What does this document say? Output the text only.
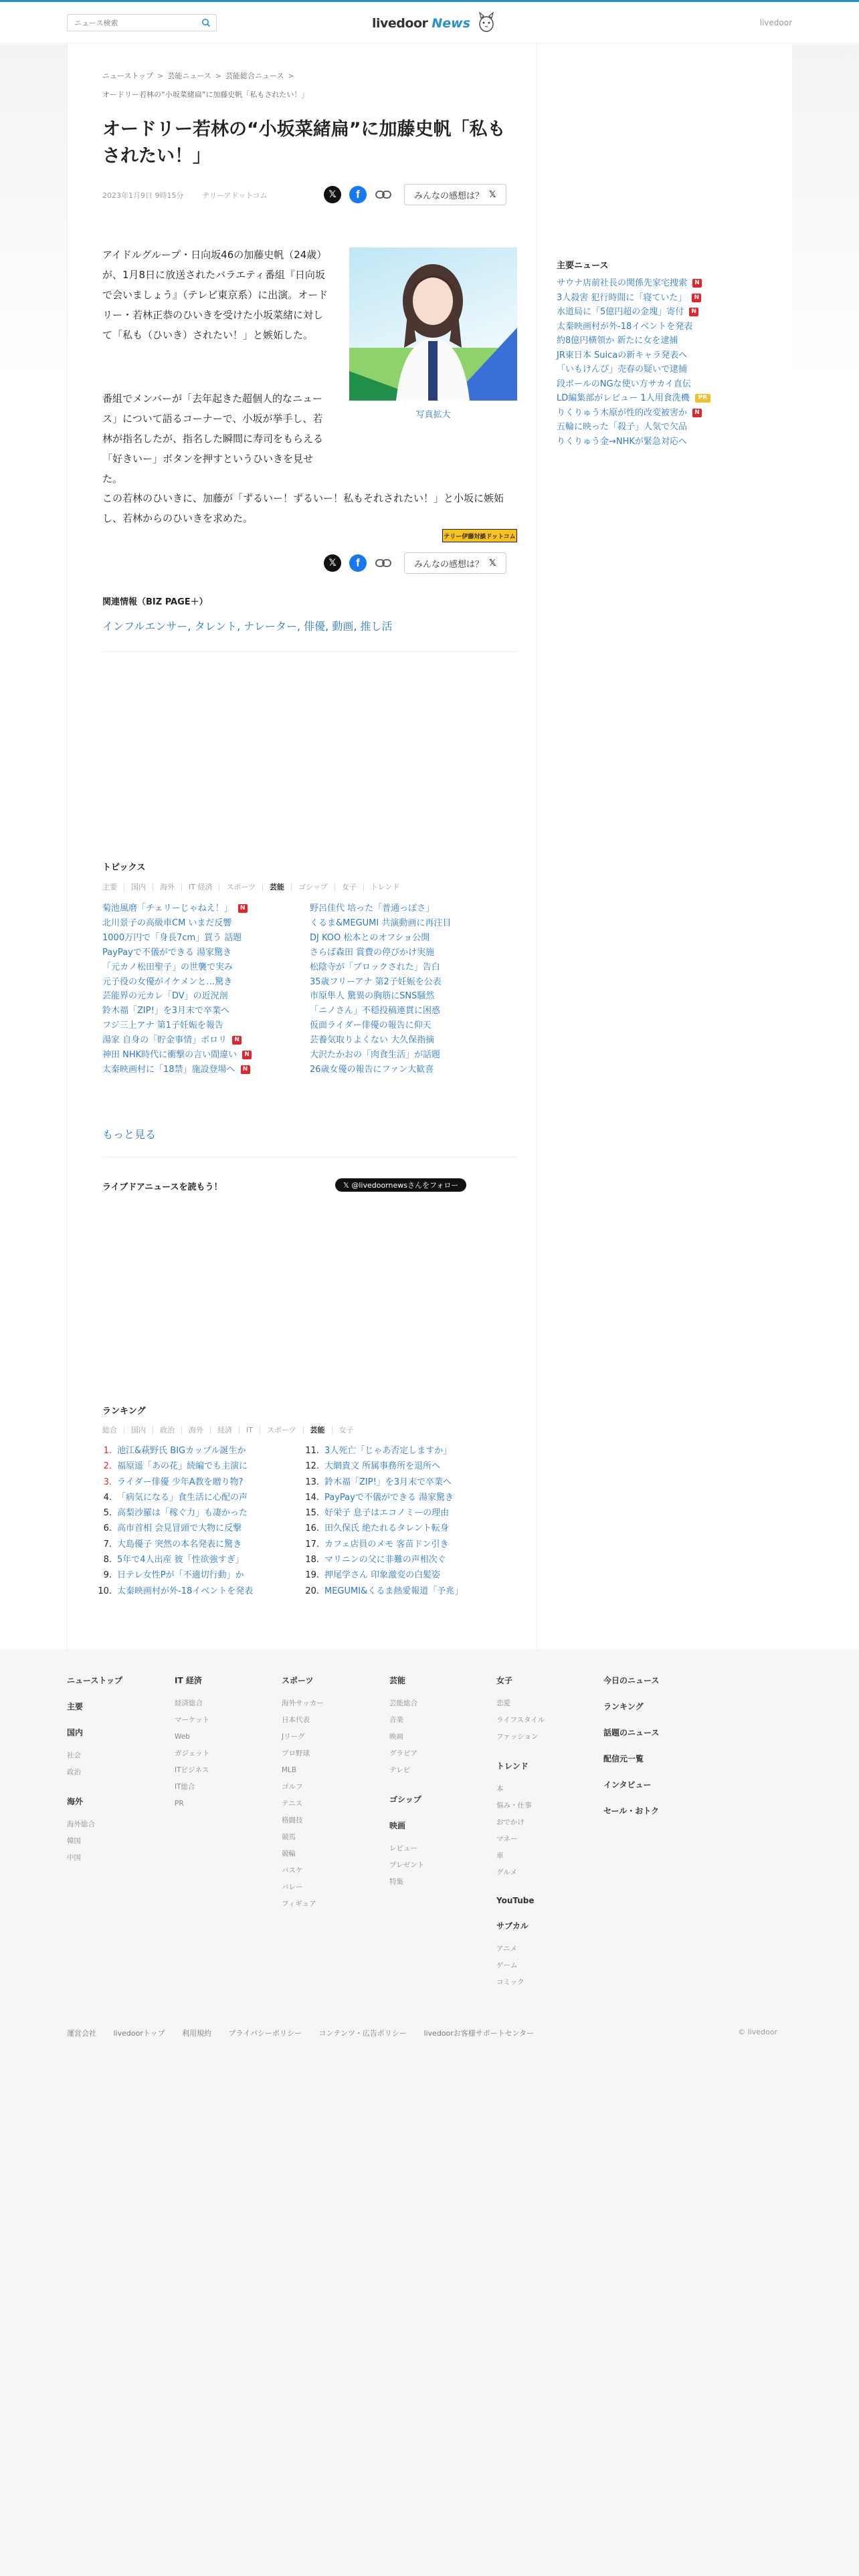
ニュース検索
livedoor News	livedoor
ニューストップ > 芸能ニュース > 芸能総合ニュース >
オードリー若林の“小坂菜緒扁”に加藤史帆「私もされたい！」
オードリー若林の“小坂菜緒扁”に加藤史帆「私もされたい！」
2023年1月9日 9時15分	テリーアドットコム	𝕏	f	みんなの感想は？ 𝕏
アイドルグループ・日向坂46の加藤史帆（24歳）が、1月8日に放送されたバラエティ番組『日向坂で会いましょう』（テレビ東京系）に出演。オードリー・若林正恭のひいきを受けた小坂菜緒に対して「私も（ひいき）されたい！」と嫉妬した。
写真拡大
番組でメンバーが「去年起きた超個人的なニュース」について語るコーナーで、小坂が挙手し、若林が指名したが、指名した瞬間に寿司をもらえる「好きいー」ボタンを押すというひいきを見せた。
この若林のひいきに、加藤が「ずるいー！ずるいー！私もそれされたい！」と小坂に嫉妬し、若林からのひいきを求めた。
テリー伊藤対談ドットコム
𝕏	f	みんなの感想は？ 𝕏
関連情報（BIZ PAGE＋）
インフルエンサー, タレント, ナレーター, 俳優, 動画, 推し活
トピックス
主要	国内	海外	IT 経済	スポーツ	芸能	ゴシップ	女子	トレンド
菊池風磨「チェリーじゃねえ！」 N
北川景子の高級車CM いまだ反響
1000万円で「身長7cm」買う 話題
PayPayで不儀ができる 湯家驚き
「元カノ松田聖子」の世襲で実み
元子役の女優がイケメンと…驚き
芸能界の元カレ「DV」の近況剖
鈴木福「ZIP!」を3月末で卒業へ
フジ三上アナ 第1子妊娠を報告
湯家 自身の「貯金事情」ポロリ N
神田 NHK時代に衝撃の言い間違い N
太秦映画村に「18禁」施設登場へ N
野呂佳代 培った「普通っぽさ」
くるま&MEGUMI 共演動画に再注目
DJ KOO 松本とのオフショ公開
さらば森田 賞費の停びかけ実施
松陰寺が「ブロックされた」告白
35歳フリーアナ 第2子妊娠を公表
市原隼人 驚異の胸筋にSNS騒然
「ニノさん」不穏投稿連貫に困惑
仮面ライダー俳優の報告に仰天
芸養気取りよくない 大久保指摘
大沢たかおの「肉食生活」が話題
26歳女優の報告にファン大歓喜
もっと見る
ライブドアニュースを読もう！	𝕏 @livedoornewsさんをフォロー
ランキング
総合	国内	政治	海外	経済	IT	スポーツ	芸能	女子
1. 池江&萩野氏 BIGカップル誕生か
2. 福原遥「あの花」続編でも主演に
3. ライダー俳優 少年A教を贈り物?
4. 「病気になる」食生活に心配の声
5. 高梨沙羅は「稼ぐ力」も凄かった
6. 高市首相 会見冒頭で大物に反撃
7. 大島優子 突然の本名発表に驚き
8. 5年で4人出産 彼「性欲強すぎ」
9. 日テレ女性Pが「不適切行動」か
10. 太秦映画村が外-18イベントを発表
11. 3人死亡「じゃあ否定しますか」
12. 大網貴文 所属事務所を退所へ
13. 鈴木福「ZIP!」を3月末で卒業へ
14. PayPayで不儀ができる 湯家驚き
15. 好栄子 息子はエコノミーの理由
16. 田久保氏 絶たれるタレント転身
17. カフェ店員のメモ 客苗ドン引き
18. マリニンの父に非難の声相次ぐ
19. 押尾学さん 印象激変の白髪姿
20. MEGUMI&くるま熱愛報道「予兆」
主要ニュース
サウナ店前社長の関係先家宅捜索 N
3人殺害 犯行時間に「寝ていた」 N
水道局に「5億円超の金塊」寄付 N
太秦映画村が外-18イベントを発表
約8億円横領か 新たに女を逮捕
JR東日本 Suicaの新キャラ発表へ
「いもけんぴ」売春の疑いで逮捕
段ボールのNGな使い方サカイ直伝
LD編集部がレビュー 1人用食洗機 PR
りくりゅう木原が性的改変被害か N
五輪に映った「殺子」人気で欠品
りくりゅう金→NHKが緊急対応へ
ニューストップ
主要
国内
社会
政治
海外
海外総合
韓国
中国
IT 経済
経済総合
マーケット
Web
ガジェット
ITビジネス
IT総合
PR
スポーツ
海外サッカー
日本代表
Jリーグ
プロ野球
MLB
ゴルフ
テニス
格闘技
競馬
競輪
バスケ
バレー
フィギュア
芸能
芸能総合
音楽
映画
グラビア
テレビ
ゴシップ
映画
レビュー
プレゼント
特集
女子
恋愛
ライフスタイル
ファッション
トレンド
本
悩み・仕事
おでかけ
マネー
車
グルメ
YouTube
サブカル
アニメ
ゲーム
コミック
今日のニュース
ランキング
話題のニュース
配信元一覧
インタビュー
セール・おトク
運営会社 livedoorトップ 利用規約 プライバシーポリシー コンテンツ・広告ポリシー livedoorお客様サポートセンター	© livedoor
